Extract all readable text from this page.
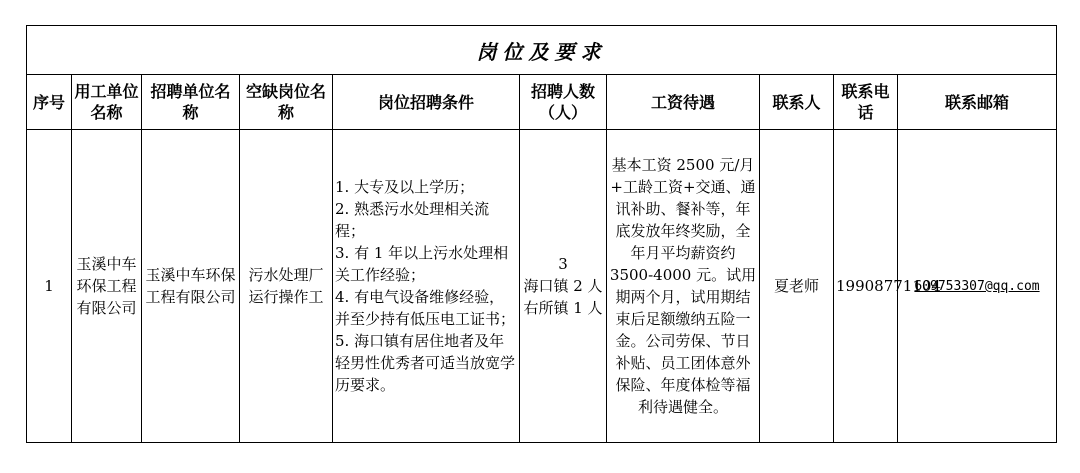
岗位及要求									
序号	用工单位名称	招聘单位名称	空缺岗位名称	岗位招聘条件	招聘人数（人）	工资待遇	联系人	联系电话	联系邮箱
1	玉溪中车环保工程有限公司	玉溪中车环保工程有限公司	污水处理厂运行操作工	1. 大专及以上学历；
2. 熟悉污水处理相关流程；
3. 有 1 年以上污水处理相关工作经验；
4. 有电气设备维修经验，并至少持有低压电工证书；
5. 海口镇有居住地者及年轻男性优秀者可适当放宽学历要求。	3
海口镇 2 人
右所镇 1 人	基本工资 2500 元/月+工龄工资+交通、通讯补助、餐补等，年底发放年终奖励，全年月平均薪资约 3500-4000 元。试用期两个月，试用期结束后足额缴纳五险一金。公司劳保、节日补贴、员工团体意外保险、年度体检等福利待遇健全。	夏老师	19908771104	609753307@qq.com
